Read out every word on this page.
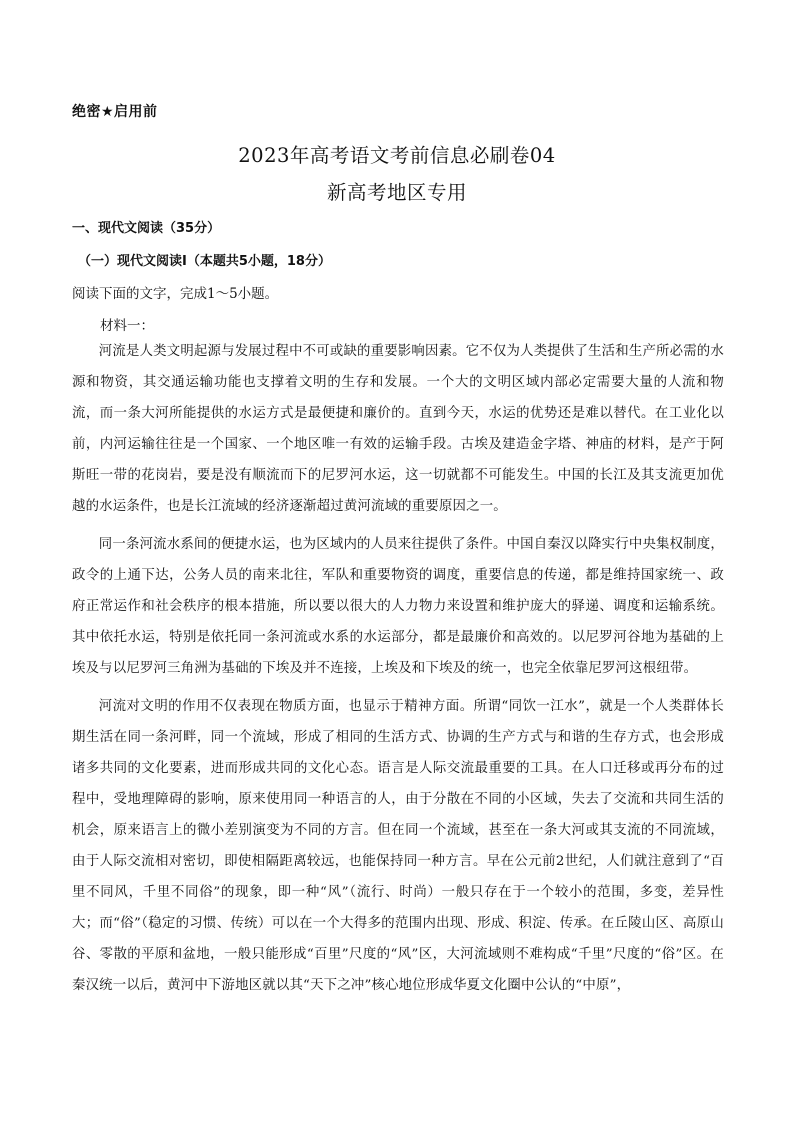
绝密★启用前
2023年高考语文考前信息必刷卷04
新高考地区专用
一、现代文阅读（35分）
（一）现代文阅读Ⅰ（本题共5小题，18分）
阅读下面的文字，完成1～5小题。
材料一：

河流是人类文明起源与发展过程中不可或缺的重要影响因素。它不仅为人类提供了生活和生产所必需的水源和物资，其交通运输功能也支撑着文明的生存和发展。一个大的文明区域内部必定需要大量的人流和物流，而一条大河所能提供的水运方式是最便捷和廉价的。直到今天，水运的优势还是难以替代。在工业化以前，内河运输往往是一个国家、一个地区唯一有效的运输手段。古埃及建造金字塔、神庙的材料，是产于阿斯旺一带的花岗岩，要是没有顺流而下的尼罗河水运，这一切就都不可能发生。中国的长江及其支流更加优越的水运条件，也是长江流域的经济逐渐超过黄河流域的重要原因之一。

同一条河流水系间的便捷水运，也为区域内的人员来往提供了条件。中国自秦汉以降实行中央集权制度，政令的上通下达，公务人员的南来北往，军队和重要物资的调度，重要信息的传递，都是维持国家统一、政府正常运作和社会秩序的根本措施，所以要以很大的人力物力来设置和维护庞大的驿递、调度和运输系统。其中依托水运，特别是依托同一条河流或水系的水运部分，都是最廉价和高效的。以尼罗河谷地为基础的上埃及与以尼罗河三角洲为基础的下埃及并不连接，上埃及和下埃及的统一，也完全依靠尼罗河这根纽带。

河流对文明的作用不仅表现在物质方面，也显示于精神方面。所谓“同饮一江水”，就是一个人类群体长期生活在同一条河畔，同一个流域，形成了相同的生活方式、协调的生产方式与和谐的生存方式，也会形成诸多共同的文化要素，进而形成共同的文化心态。语言是人际交流最重要的工具。在人口迁移或再分布的过程中，受地理障碍的影响，原来使用同一种语言的人，由于分散在不同的小区域，失去了交流和共同生活的机会，原来语言上的微小差别演变为不同的方言。但在同一个流域，甚至在一条大河或其支流的不同流域，由于人际交流相对密切，即使相隔距离较远，也能保持同一种方言。早在公元前2世纪，人们就注意到了“百里不同风，千里不同俗”的现象，即一种“风”（流行、时尚）一般只存在于一个较小的范围，多变，差异性大；而“俗”（稳定的习惯、传统）可以在一个大得多的范围内出现、形成、积淀、传承。在丘陵山区、高原山谷、零散的平原和盆地，一般只能形成“百里”尺度的“风”区，大河流域则不难构成“千里”尺度的“俗”区。在秦汉统一以后，黄河中下游地区就以其“天下之冲”核心地位形成华夏文化圈中公认的“中原”，
